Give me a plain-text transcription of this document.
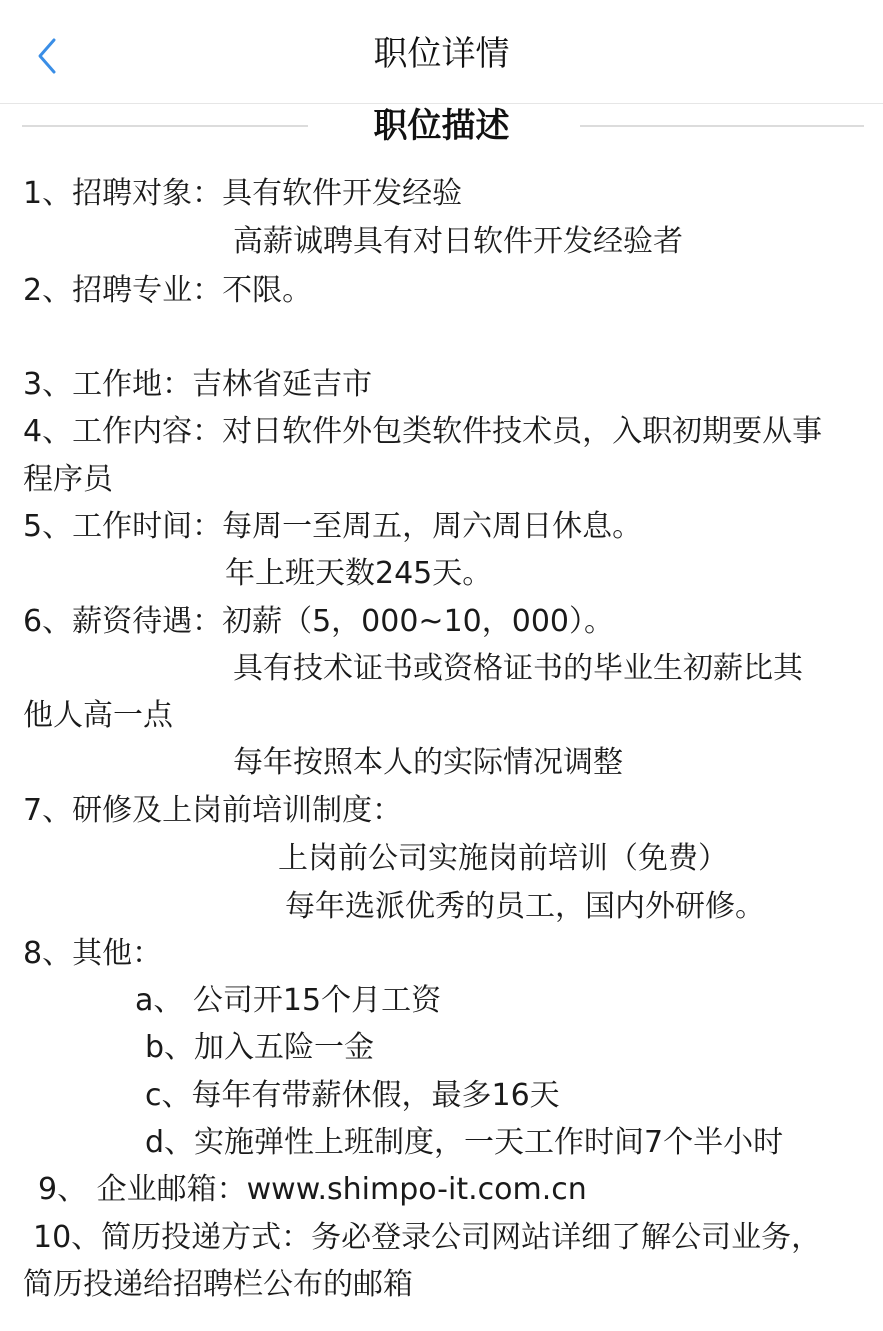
职位详情
职位描述
1、招聘对象：具有软件开发经验
高薪诚聘具有对日软件开发经验者
2、招聘专业：不限。
3、工作地：吉林省延吉市
4、工作内容：对日软件外包类软件技术员，入职初期要从事
程序员
5、工作时间：每周一至周五，周六周日休息。
年上班天数245天。
6、薪资待遇：初薪（5，000~10，000）。
具有技术证书或资格证书的毕业生初薪比其
他人高一点
每年按照本人的实际情况调整
7、研修及上岗前培训制度：
上岗前公司实施岗前培训（免费）
每年选派优秀的员工，国内外研修。
8、其他：
a、 公司开15个月工资
b、加入五险一金
c、每年有带薪休假，最多16天
d、实施弹性上班制度，一天工作时间7个半小时
9、 企业邮箱：www.shimpo-it.com.cn
10、简历投递方式：务必登录公司网站详细了解公司业务，
简历投递给招聘栏公布的邮箱
